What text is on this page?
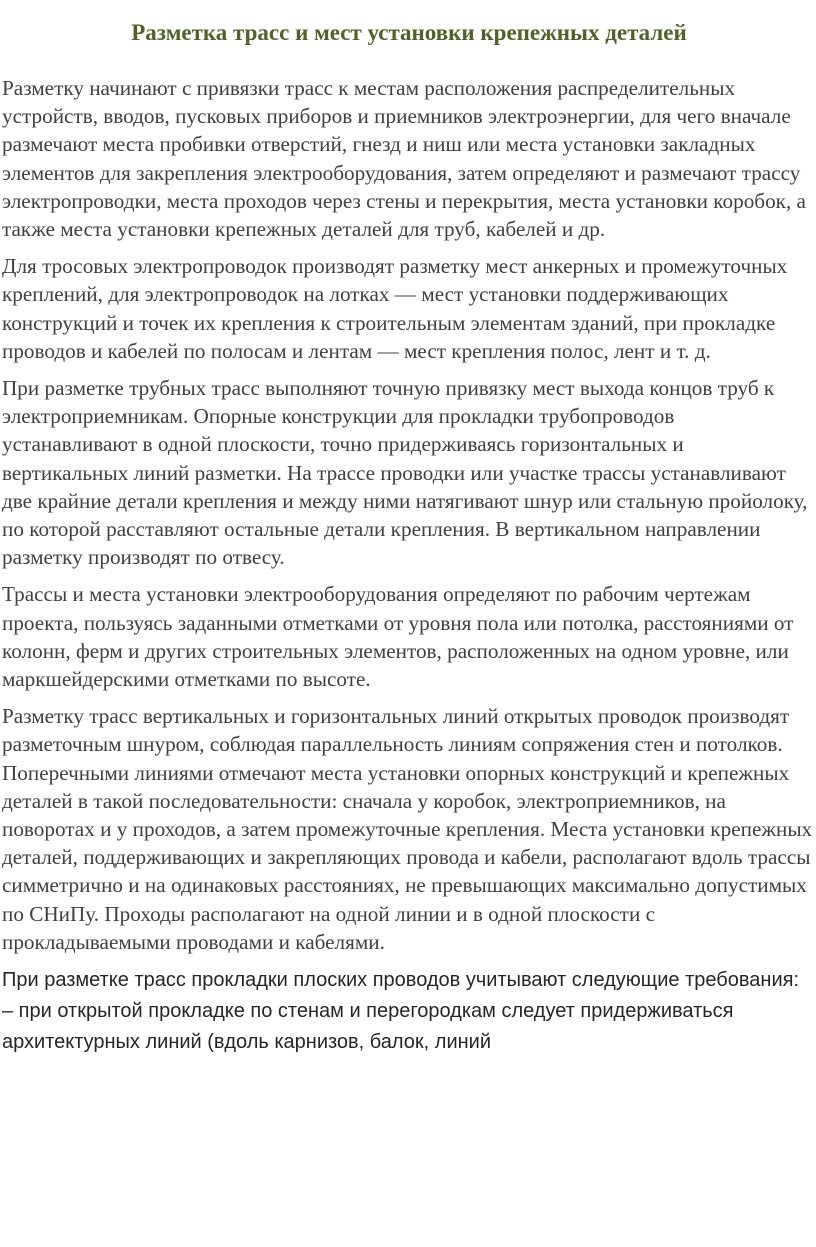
Разметка трасс и мест установки крепежных деталей

Разметку начинают с привязки трасс к местам расположения распределительных устройств, вводов, пусковых приборов и приемников электроэнергии, для чего вначале размечают места пробивки отверстий, гнезд и ниш или места установки закладных элементов для закрепления электрооборудования, затем определяют и размечают трассу электропроводки, места проходов через стены и перекрытия, места установки коробок, а также места установки крепежных деталей для труб, кабелей и др.

Для тросовых электропроводок производят разметку мест анкерных и промежуточных креплений, для электропроводок на лотках — мест установки поддерживающих конструкций и точек их крепления к строительным элементам зданий, при прокладке проводов и кабелей по полосам и лентам — мест крепления полос, лент и т. д.

При разметке трубных трасс выполняют точную привязку мест выхода концов труб к электроприемникам. Опорные конструкции для прокладки трубопроводов устанавливают в одной плоскости, точно придерживаясь горизонтальных и вертикальных линий разметки. На трассе проводки или участке трассы устанавливают две крайние детали крепления и между ними натягивают шнур или стальную пройолоку, по которой расставляют остальные детали крепления. В вертикальном направлении разметку производят по отвесу.

Трассы и места установки электрооборудования определяют по рабочим чертежам проекта, пользуясь заданными отметками от уровня пола или потолка, расстояниями от колонн, ферм и других строительных элементов, расположенных на одном уровне, или маркшейдерскими отметками по высоте.

Разметку трасс вертикальных и горизонтальных линий открытых проводок производят разметочным шнуром, соблюдая параллельность линиям сопряжения стен и потолков. Поперечными линиями отмечают места установки опорных конструкций и крепежных деталей в такой последовательности: сначала у коробок, электроприемников, на поворотах и у проходов, а затем промежуточные крепления. Места установки крепежных деталей, поддерживающих и закрепляющих провода и кабели, располагают вдоль трассы симметрично и на одинаковых расстояниях, не превышающих максимально допустимых по СНиПу. Проходы располагают на одной линии и в одной плоскости с прокладываемыми проводами и кабелями.

При разметке трасс прокладки плоских проводов учитывают следующие требования:
– при открытой прокладке по стенам и перегородкам следует придерживаться архитектурных линий (вдоль карнизов, балок, линий
